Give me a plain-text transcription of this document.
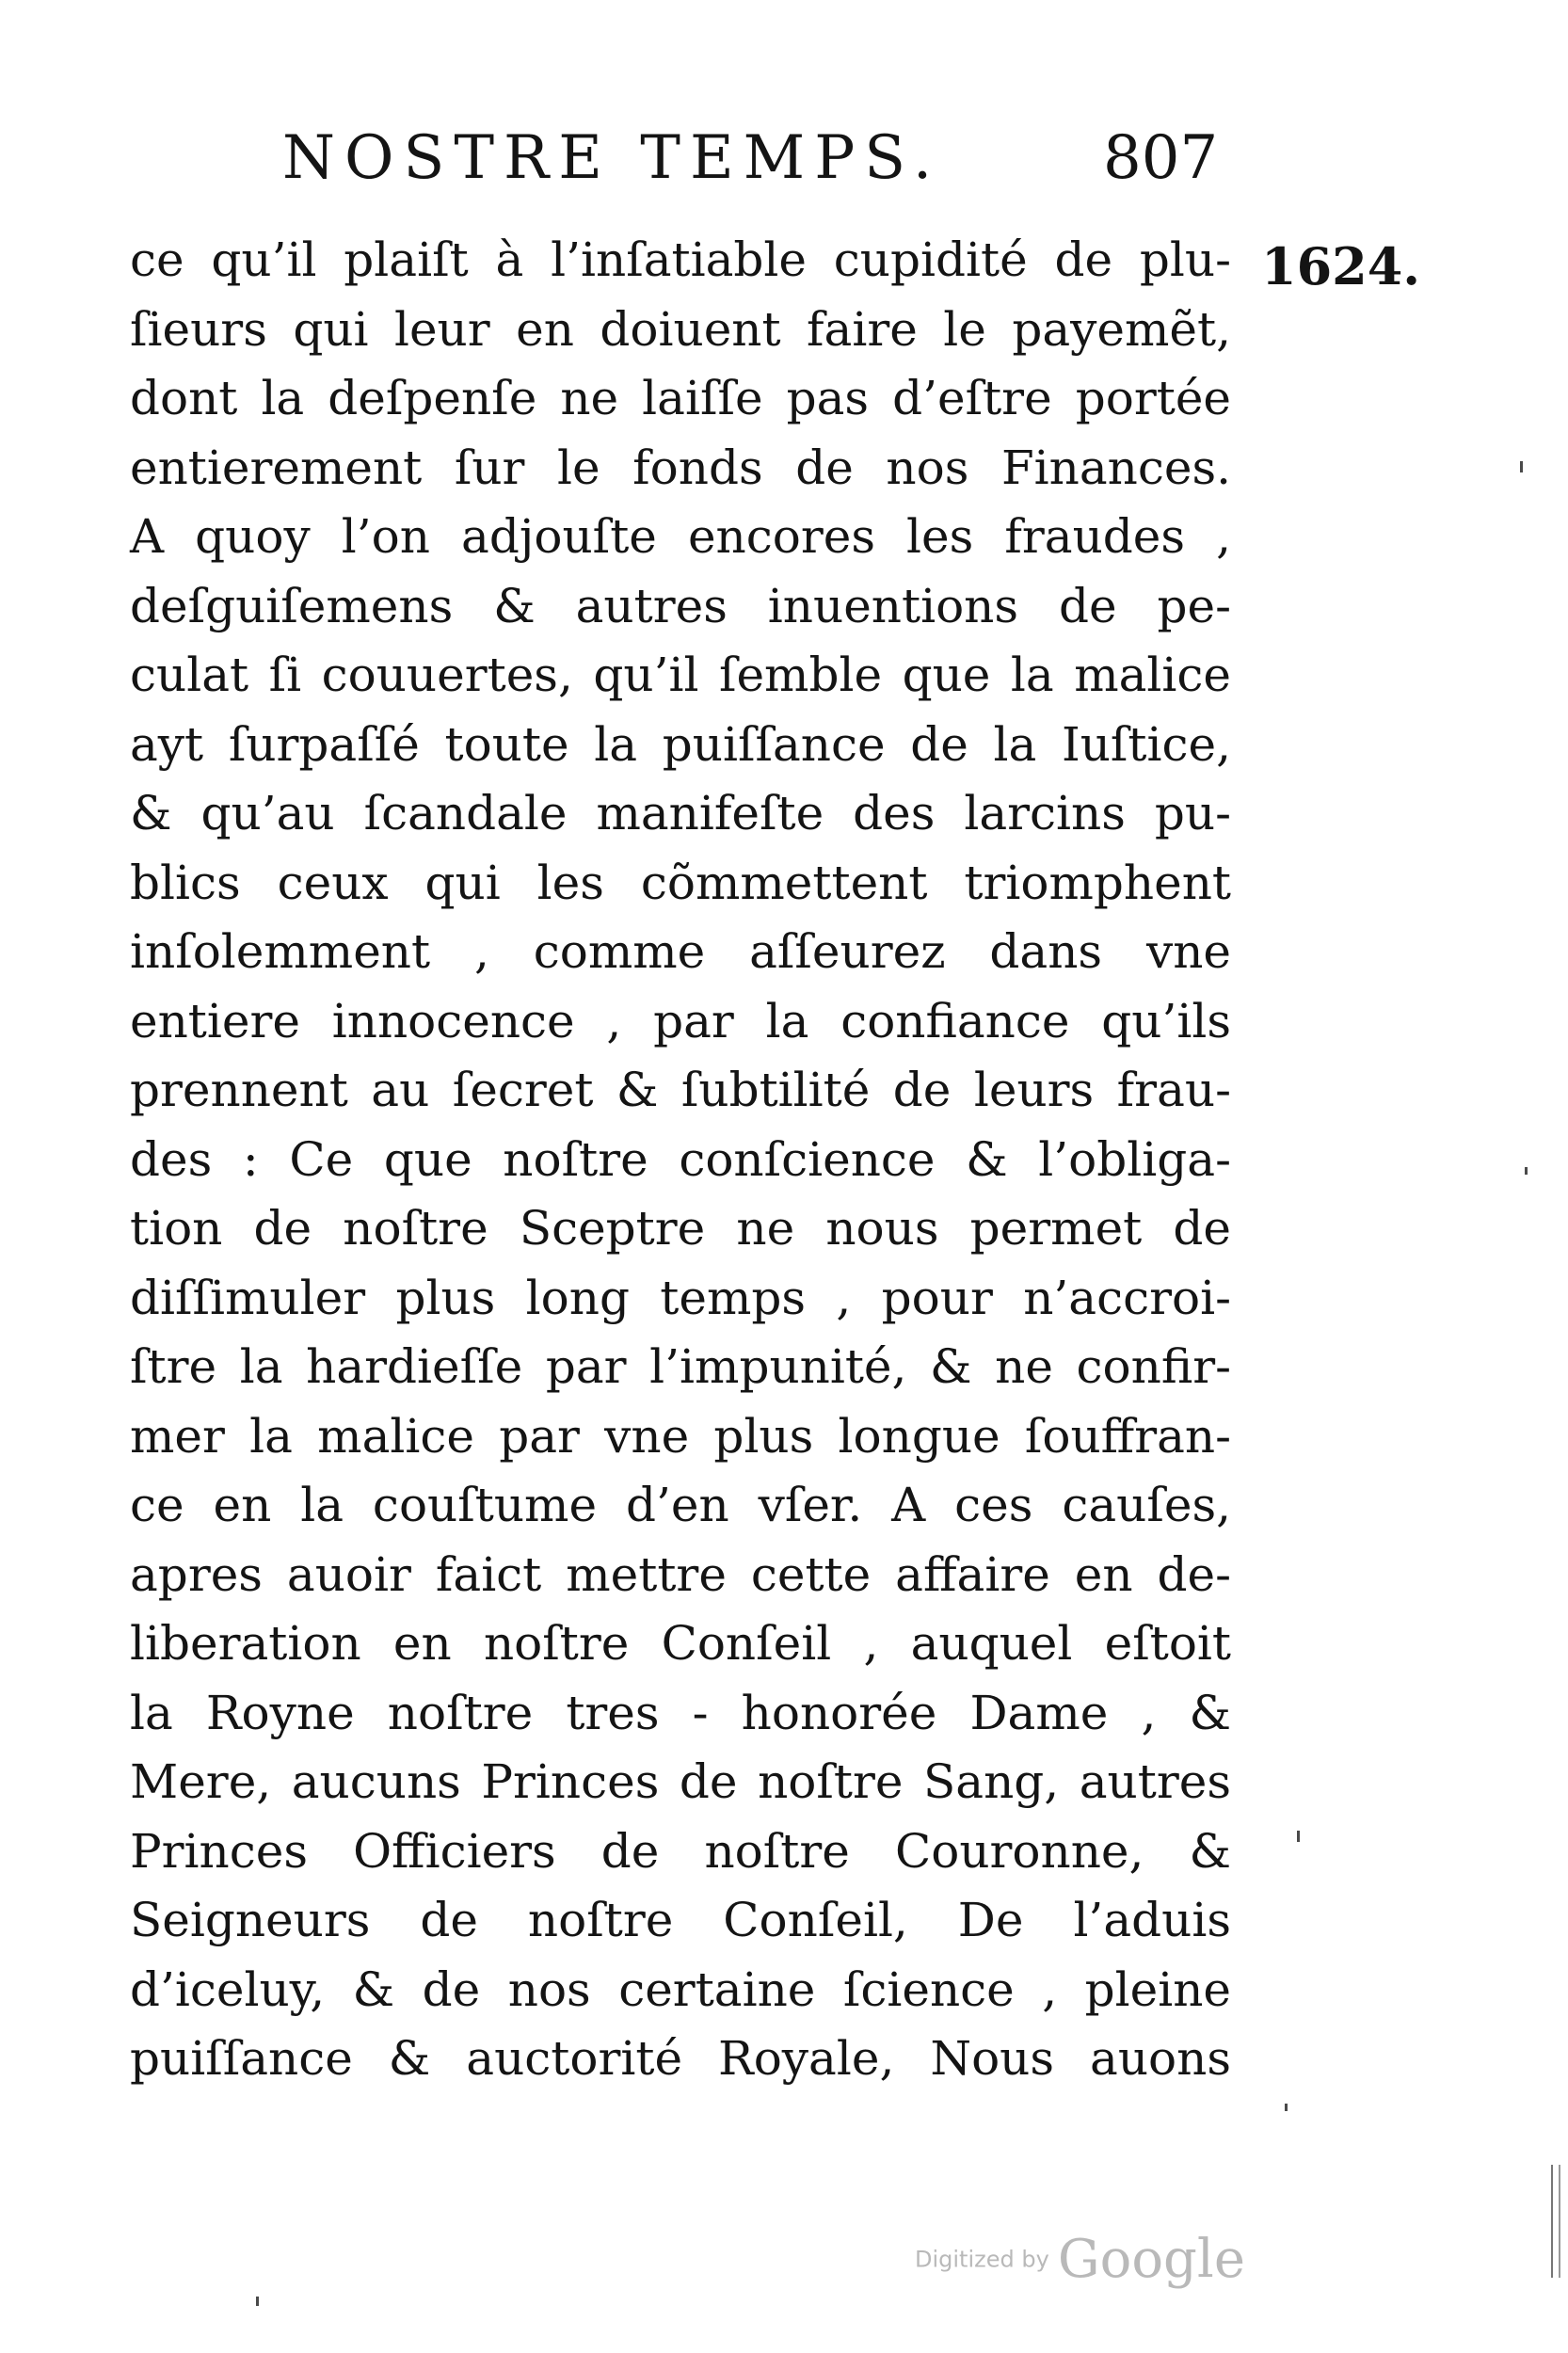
NOSTRE TEMPS.	807
1624.
ce qu’il plaiſt à l’inſatiable cupidité de plu-
ſieurs qui leur en doiuent faire le payemẽt,
dont la deſpenſe ne laiſſe pas d’eſtre portée
entierement ſur le fonds de nos Finances.
A quoy l’on adjouſte encores les fraudes ,
deſguiſemens & autres inuentions de pe-
culat ſi couuertes, qu’il ſemble que la malice
ayt ſurpaſſé toute la puiſſance de la Iuſtice,
& qu’au ſcandale manifeſte des larcins pu-
blics ceux qui les cõmmettent triomphent
inſolemment , comme aſſeurez dans vne
entiere innocence , par la confiance qu’ils
prennent au ſecret & ſubtilité de leurs frau-
des : Ce que noſtre conſcience & l’obliga-
tion de noſtre Sceptre ne nous permet de
diſſimuler plus long temps , pour n’accroi-
ſtre la hardieſſe par l’impunité, & ne confir-
mer la malice par vne plus longue ſouffran-
ce en la couſtume d’en vſer. A ces cauſes,
apres auoir faict mettre cette affaire en de-
liberation en noſtre Conſeil , auquel eſtoit
la Royne noſtre tres - honorée Dame , &
Mere, aucuns Princes de noſtre Sang, autres
Princes Officiers de noſtre Couronne, &
Seigneurs de noſtre Conſeil, De l’aduis
d’iceluy, & de nos certaine ſcience , pleine
puiſſance & auctorité Royale, Nous auons
Digitized by Google
